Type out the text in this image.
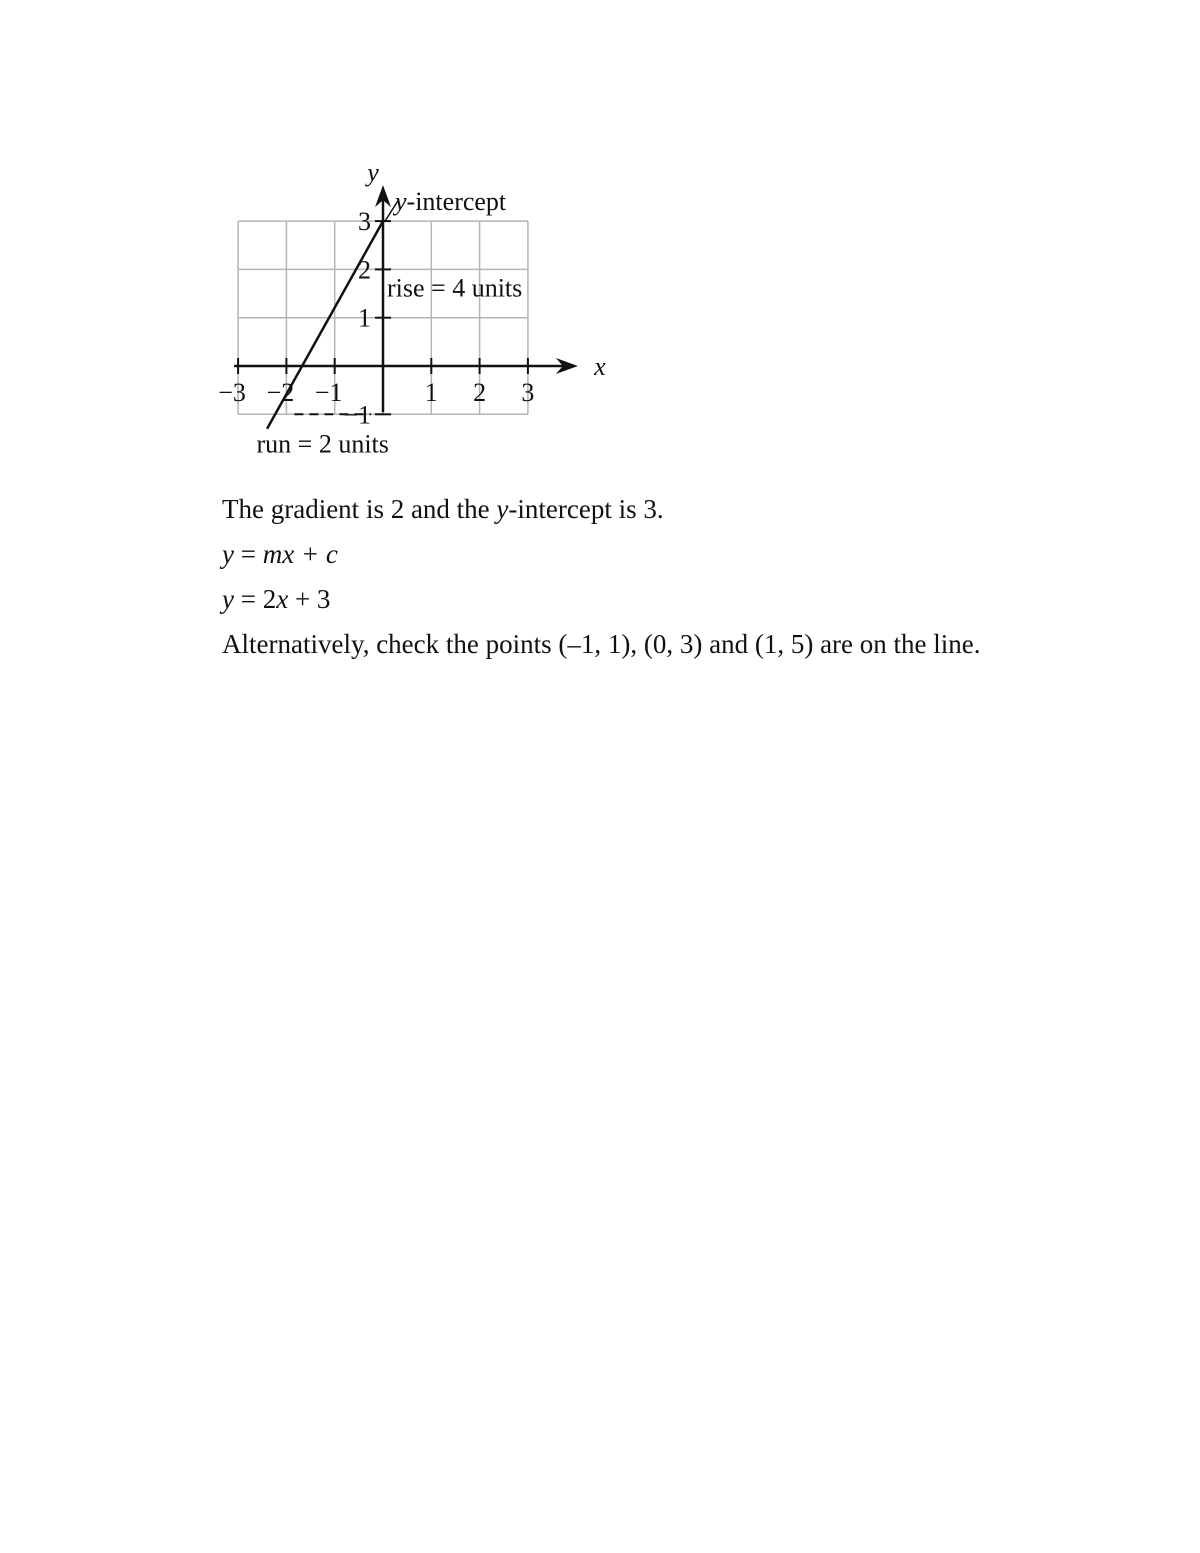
x
y
−3 −2 −1	1 2 3
3
2
1
−1
y-intercept
rise = 4 units
run = 2 units

The gradient is 2 and the y-intercept is 3.

y = mx + c

y = 2x + 3

Alternatively, check the points (–1, 1), (0, 3) and (1, 5) are on the line.
